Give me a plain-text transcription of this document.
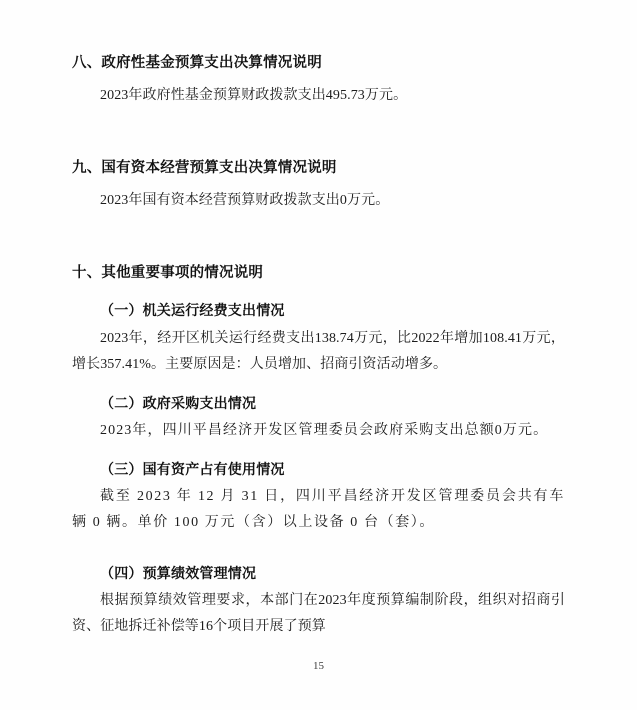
八、政府性基金预算支出决算情况说明

2023年政府性基金预算财政拨款支出495.73万元。

九、国有资本经营预算支出决算情况说明

2023年国有资本经营预算财政拨款支出0万元。

十、其他重要事项的情况说明
（一）机关运行经费支出情况

2023年，经开区机关运行经费支出138.74万元，比2022年增加108.41万元，增长357.41%。主要原因是：人员增加、招商引资活动增多。

（二）政府采购支出情况

2023年，四川平昌经济开发区管理委员会政府采购支出总额0万元。

（三）国有资产占有使用情况

截至 2023 年 12 月 31 日，四川平昌经济开发区管理委员会共有车辆 0 辆。单价 100 万元（含）以上设备 0 台（套）。

（四）预算绩效管理情况

根据预算绩效管理要求，本部门在2023年度预算编制阶段，组织对招商引资、征地拆迁补偿等16个项目开展了预算

15
